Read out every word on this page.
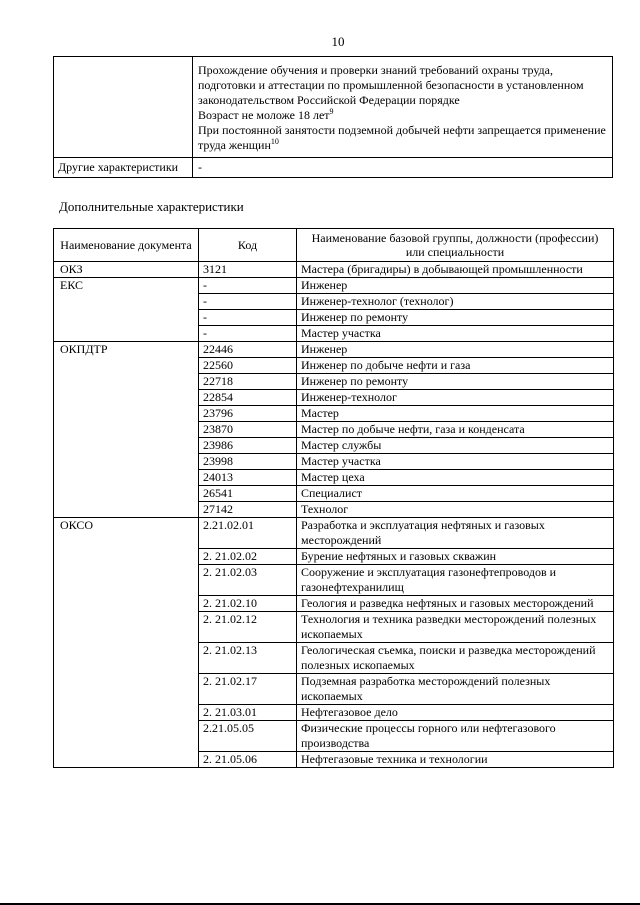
10

	Прохождение обучения и проверки знаний требований охраны труда, подготовки и аттестации по промышленной безопасности в установленном законодательством Российской Федерации порядке
Возраст не моложе 18 лет$^9$
При постоянной занятости подземной добычей нефти запрещается применение труда женщин$^{10}$

Другие характеристики	-
Дополнительные характеристики
Наименование документа	Код	Наименование базовой группы, должности (профессии) или специальности
ОКЗ	3121	Мастера (бригадиры) в добывающей промышленности
ЕКС	-	Инженер
	-	Инженер-технолог (технолог)
	-	Инженер по ремонту
	-	Мастер участка
ОКПДТР	22446	Инженер
	22560	Инженер по добыче нефти и газа
	22718	Инженер по ремонту
	22854	Инженер-технолог
	23796	Мастер
	23870	Мастер по добыче нефти, газа и конденсата
	23986	Мастер службы
	23998	Мастер участка
	24013	Мастер цеха
	26541	Специалист
	27142	Технолог
ОКСО	2.21.02.01	Разработка и эксплуатация нефтяных и газовых месторождений
	2. 21.02.02	Бурение нефтяных и газовых скважин
	2. 21.02.03	Сооружение и эксплуатация газонефтепроводов и газонефтехранилищ
	2. 21.02.10	Геология и разведка нефтяных и газовых месторождений
	2. 21.02.12	Технология и техника разведки месторождений полезных ископаемых
	2. 21.02.13	Геологическая съемка, поиски и разведка месторождений полезных ископаемых
	2. 21.02.17	Подземная разработка месторождений полезных ископаемых
	2. 21.03.01	Нефтегазовое дело
	2.21.05.05	Физические процессы горного или нефтегазового производства
	2. 21.05.06	Нефтегазовые техника и технологии
